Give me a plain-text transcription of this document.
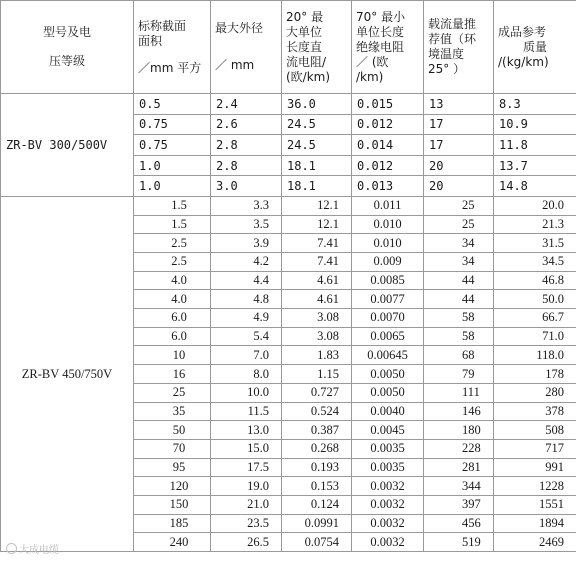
型号及电
压等级	标称截面
面积
／mm 平方	最大外径
／ mm	20° 最
大单位
长度直
流电阻/
(欧/km)	70° 最小
单位长度
绝缘电阻
／ (欧
/km)	载流量推
荐值（环
境温度
25° ）	成品参考
质量
/(kg/km)

ZR-BV 300/500V	0.5	2.4	36.0	0.015	13	8.3
	0.75	2.6	24.5	0.012	17	10.9
	0.75	2.8	24.5	0.014	17	11.8
	1.0	2.8	18.1	0.012	20	13.7
	1.0	3.0	18.1	0.013	20	14.8
ZR-BV 450/750V	1.5	3.3	12.1	0.011	25	20.0
	1.5	3.5	12.1	0.010	25	21.3
	2.5	3.9	7.41	0.010	34	31.5
	2.5	4.2	7.41	0.009	34	34.5
	4.0	4.4	4.61	0.0085	44	46.8
	4.0	4.8	4.61	0.0077	44	50.0
	6.0	4.9	3.08	0.0070	58	66.7
	6.0	5.4	3.08	0.0065	58	71.0
	10	7.0	1.83	0.00645	68	118.0
	16	8.0	1.15	0.0050	79	178
	25	10.0	0.727	0.0050	111	280
	35	11.5	0.524	0.0040	146	378
	50	13.0	0.387	0.0045	180	508
	70	15.0	0.268	0.0035	228	717
	95	17.5	0.193	0.0035	281	991
	120	19.0	0.153	0.0032	344	1228
	150	21.0	0.124	0.0032	397	1551
	185	23.5	0.0991	0.0032	456	1894
	240	26.5	0.0754	0.0032	519	2469
大成电缆
